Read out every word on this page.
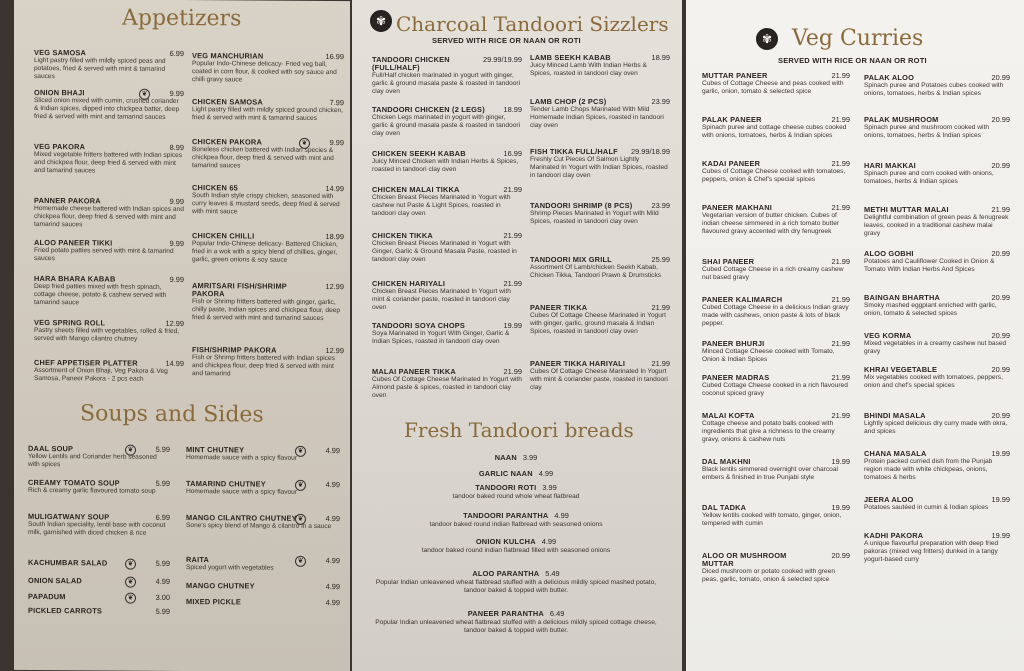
Appetizers
VEG SAMOSA	6.99
Light pastry filled with mildly spiced peas and potatoes, fried & served with mint & tamarind sauces
ONION BHAJI	❦	9.99
Sliced onion mixed with cumin, crushed coriander & Indian spices, dipped into chickpea batter, deep fried & served with mint and tamarind sauces
VEG PAKORA	8.99
Mixed vegetable fritters battered with Indian spices and chickpea flour, deep fried & served with mint and tamarind sauces
PANNER PAKORA	9.99
Homemade cheese battered with Indian spices and chickpea flour, deep fried & served with mint and tamarind sauces
ALOO PANEER TIKKI	9.99
Fried potato patties served with mint & tamarind sauces
HARA BHARA KABAB	9.99
Deep fried patties mixed with fresh spinach, cottage cheese, potato & cashew served with tamarind sauce
VEG SPRING ROLL	12.99
Pastry sheets filled with vegetables, rolled & fried, served with Mango cilantro chutney
CHEF APPETISER PLATTER	14.99
Assortment of Onion Bhaji, Veg Pakora & Veg Samosa, Paneer Pakora - 2 pcs each
VEG MANCHURIAN	16.99
Popular Indo-Chinese delicacy- Fried veg ball, coated in corn flour, & cooked with soy sauce and chilli gravy sauce
CHICKEN SAMOSA	7.99
Light pastry filled with mildly spiced ground chicken, fried & served with mint & tamarind sauces
CHICKEN PAKORA	❦	9.99
Boneless chicken battered with Indian species & chickpea flour, deep fried & served with mint and tamarind sauces
CHICKEN 65	14.99
South Indian style crispy chicken, seasoned with curry leaves & mustard seeds, deep fried & served with mint sauce
CHICKEN CHILLI	18.99
Popular Indo-Chinese delicacy- Battered Chicken, fried in a wok with a spicy blend of chillies, ginger, garlic, green onions & soy sauce
AMRITSARI FISH/SHRIMP PAKORA
12.99
Fish or Shrimp fritters battered with ginger, garlic, chilly paste, Indian spices and chickpea flour, deep fried & served with mint and tamarind sauces
FISH/SHRIMP PAKORA	12.99
Fish or Shrimp fritters battered with Indian spices and chickpea flour, deep fried & served with mint and tamarind
Soups and Sides
DAAL SOUP	❦	5.99
Yellow Lentils and Coriander herb seasoned with spices
CREAMY TOMATO SOUP	5.99
Rich & creamy garlic flavoured tomato soup
MULIGATWANY SOUP	6.99
South Indian speciality, lentil base with coconut milk, garnished with diced chicken & rice
KACHUMBAR SALAD	❦	5.99
ONION SALAD	❦	4.99
PAPADUM	❦	3.00
PICKLED CARROTS	5.99
MINT CHUTNEY	❦	4.99
Homemade sauce with a spicy flavour
TAMARIND CHUTNEY	❦	4.99
Homemade sauce with a spicy flavour
MANGO CILANTRO CHUTNEY ❦	4.99
Sone's spicy blend of Mango & cilantro in a sauce
RAITA	❦	4.99
Spiced yogurt with vegetables
MANGO CHUTNEY	4.99
MIXED PICKLE	4.99
✾ Charcoal Tandoori Sizzlers
SERVED WITH RICE OR NAAN OR ROTI
TANDOORI CHICKEN (FULL/HALF)
29.99/19.99
Full/Half chicken marinated in yogurt with ginger, garlic & ground masala paste & roasted in tandoori clay oven
TANDOORI CHICKEN (2 LEGS)	18.99
Chicken Legs marinated in yogurt with ginger, garlic & ground masala paste & roasted in tandoori clay oven
CHICKEN SEEKH KABAB	16.99
Juicy Minced Chicken with Indian Herbs & Spices, roasted in tandoori clay oven
CHICKEN MALAI TIKKA	21.99
Chicken Breast Pieces Marinated in Yogurt with cashew nut Paste & Light Spices, roasted in tandoori clay oven
CHICKEN TIKKA	21.99
Chicken Breast Pieces Marinated in Yogurt with Ginger, Garlic & Ground Masala Paste, roasted in tandoori clay oven
CHICKEN HARIYALI	21.99
Chicken Breast Pieces Marinated In Yogurt with mint & coriander paste, roasted in tandoori clay oven
TANDOORI SOYA CHOPS	19.99
Soya Marinated In Yogurt With Ginger, Garlic & Indian Spices, roasted in tandoori clay oven
MALAI PANEER TIKKA	21.99
Cubes Of Cottage Cheese Marinated In Yogurt with Almond paste & spices, roasted in tandoori clay oven
LAMB SEEKH KABAB	18.99
Juicy Minced Lamb With Indian Herbs & Spices, roasted in tandoori clay oven
LAMB CHOP (2 PCS)	23.99
Tender Lamb Chops Marinated With Mild Homemade Indian Spices, roasted in tandoori clay oven
FISH TIKKA FULL/HALF	29.99/18.99
Freshly Cut Pieces Of Salmon Lightly Marinated In Yogurt with Indian Spices, roasted in tandoori clay oven
TANDOORI SHRIMP (8 PCS)	23.99
Shrimp Pieces Marinated in Yogurt with Mild Spices, roasted in tandoori clay oven
TANDOORI MIX GRILL	25.99
Assortment Of Lamb/chicken Seekh Kabab, Chicken Tikka, Tandoori Prawn & Drumsticks
PANEER TIKKA	21.99
Cubes Of Cottage Cheese Marinated in Yogurt with ginger, garlic, ground masala & Indian Spices, roasted in tandoori clay oven
PANEER TIKKA HARIYALI	21.99
Cubes Of Cottage Cheese Marinated In Yogurt with mint & coriander paste, roasted in tandoori clay
Fresh Tandoori breads
NAAN 3.99
GARLIC NAAN 4.99
TANDOORI ROTI 3.99
tandoor baked round whole wheat flatbread
TANDOORI PARANTHA 4.99
tandoor baked round indian flatbread with seasoned onions
ONION KULCHA 4.99
tandoor baked round indian flatbread filled with seasoned onions
ALOO PARANTHA 5.49
Popular Indian unleavened wheat flatbread stuffed with a delicious mildly spiced mashed potato, tandoor baked & topped with butter.
PANEER PARANTHA 6.49
Popular Indian unleavened wheat flatbread stuffed with a delicious mildly spiced cottage cheese, tandoor baked & topped with butter.
✾ Veg Curries
SERVED WITH RICE OR NAAN OR ROTI
MUTTAR PANEER	21.99
Cubes of Cottage Cheese and peas cooked with garlic, onion, tomato & selected spice
PALAK PANEER	21.99
Spinach puree and cottage cheese cubes cooked with onions, tomatoes, herbs & Indian spices
KADAI PANEER	21.99
Cubes of Cottage Cheese cooked with tomatoes, peppers, onion & Chef's special spices
PANEER MAKHANI	21.99
Vegetarian version of butter chicken. Cubes of indian cheese simmered in a rich tomato butter flavoured gravy accented with dry fenugreek
SHAI PANEER	21.99
Cubed Cottage Cheese in a rich creamy cashew nut based gravy
PANEER KALIMARCH	21.99
Cubed Cottage Cheese in a delicious Indian gravy made with cashews, onion paste & lots of black pepper.
PANEER BHURJI	21.99
Minced Cottage Cheese cooked with Tomato, Onion & Indian Spices
PANEER MADRAS	21.99
Cubed Cottage Cheese cooked in a rich flavoured coconut spiced gravy
MALAI KOFTA	21.99
Cottage cheese and potato balls cooked with ingredients that give a richness to the creamy gravy, onions & cashew nuts
DAL MAKHNI	19.99
Black lentils simmered overnight over charcoal embers & finished in true Punjabi style
DAL TADKA	19.99
Yellow lentils cooked with tomato, ginger, onion, tempered with cumin
ALOO OR MUSHROOM MUTTAR
20.99
Diced mushroom or potato cooked with green peas, garlic, tomato, onion & selected spice
PALAK ALOO	20.99
Spinach puree and Potatoes cubes cooked with onions, tomatoes, herbs & Indian spices
PALAK MUSHROOM	20.99
Spinach puree and mushroom cooked with onions, tomatoes, herbs & Indian spices
HARI MAKKAI	20.99
Spinach puree and corn cooked with onions, tomatoes, herbs & Indian spices
METHI MUTTAR MALAI	21.99
Delightful combination of green peas & fenugreek leaves, cooked in a traditional cashew malai gravy
ALOO GOBHI	20.99
Potatoes and Cauliflower Cooked in Onion & Tomato With Indian Herbs And Spices
BAINGAN BHARTHA	20.99
Smoky mashed eggplant enriched with garlic, onion, tomato & selected spices
VEG KORMA	20.99
Mixed vegetables in a creamy cashew nut based gravy
KHRAI VEGETABLE	20.99
Mix vegetables cooked with tomatoes, peppers, onion and chef's special spices
BHINDI MASALA	20.99
Lightly spiced delicious dry curry made with okra, and spices
CHANA MASALA	19.99
Protein packed curried dish from the Punjab region made with white chickpeas, onions, tomatoes & herbs
JEERA ALOO	19.99
Potatoes sautéed in cumin & Indian spices
KADHI PAKORA	19.99
A unique flavourful preparation with deep fried pakoras (mixed veg fritters) dunked in a tangy yogurt-based curry
